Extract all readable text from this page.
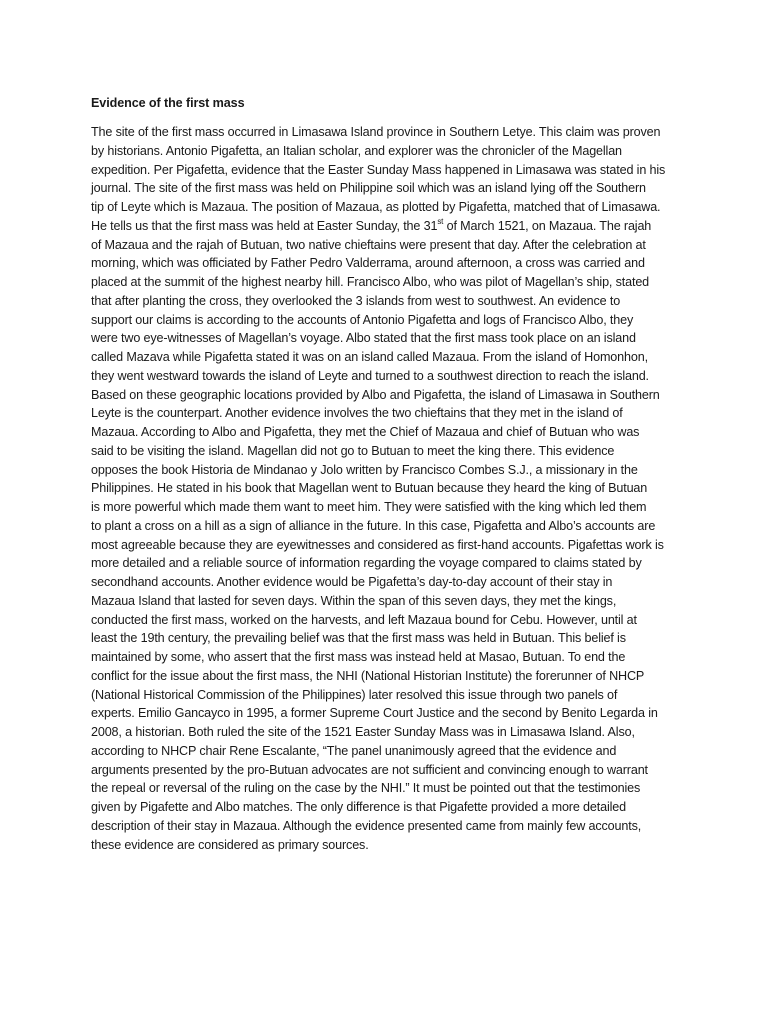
Evidence of the first mass
The site of the first mass occurred in Limasawa Island province in Southern Letye. This claim was proven
by historians. Antonio Pigafetta, an Italian scholar, and explorer was the chronicler of the Magellan
expedition. Per Pigafetta, evidence that the Easter Sunday Mass happened in Limasawa was stated in his
journal. The site of the first mass was held on Philippine soil which was an island lying off the Southern
tip of Leyte which is Mazaua. The position of Mazaua, as plotted by Pigafetta, matched that of Limasawa.
He tells us that the first mass was held at Easter Sunday, the 31st of March 1521, on Mazaua. The rajah
of Mazaua and the rajah of Butuan, two native chieftains were present that day. After the celebration at
morning, which was officiated by Father Pedro Valderrama, around afternoon, a cross was carried and
placed at the summit of the highest nearby hill. Francisco Albo, who was pilot of Magellan’s ship, stated
that after planting the cross, they overlooked the 3 islands from west to southwest. An evidence to
support our claims is according to the accounts of Antonio Pigafetta and logs of Francisco Albo, they
were two eye-witnesses of Magellan’s voyage. Albo stated that the first mass took place on an island
called Mazava while Pigafetta stated it was on an island called Mazaua. From the island of Homonhon,
they went westward towards the island of Leyte and turned to a southwest direction to reach the island.
Based on these geographic locations provided by Albo and Pigafetta, the island of Limasawa in Southern
Leyte is the counterpart. Another evidence involves the two chieftains that they met in the island of
Mazaua. According to Albo and Pigafetta, they met the Chief of Mazaua and chief of Butuan who was
said to be visiting the island. Magellan did not go to Butuan to meet the king there. This evidence
opposes the book Historia de Mindanao y Jolo written by Francisco Combes S.J., a missionary in the
Philippines. He stated in his book that Magellan went to Butuan because they heard the king of Butuan
is more powerful which made them want to meet him. They were satisfied with the king which led them
to plant a cross on a hill as a sign of alliance in the future. In this case, Pigafetta and Albo’s accounts are
most agreeable because they are eyewitnesses and considered as first-hand accounts. Pigafettas work is
more detailed and a reliable source of information regarding the voyage compared to claims stated by
secondhand accounts. Another evidence would be Pigafetta’s day-to-day account of their stay in
Mazaua Island that lasted for seven days. Within the span of this seven days, they met the kings,
conducted the first mass, worked on the harvests, and left Mazaua bound for Cebu. However, until at
least the 19th century, the prevailing belief was that the first mass was held in Butuan. This belief is
maintained by some, who assert that the first mass was instead held at Masao, Butuan. To end the
conflict for the issue about the first mass, the NHI (National Historian Institute) the forerunner of NHCP
(National Historical Commission of the Philippines) later resolved this issue through two panels of
experts. Emilio Gancayco in 1995, a former Supreme Court Justice and the second by Benito Legarda in
2008, a historian. Both ruled the site of the 1521 Easter Sunday Mass was in Limasawa Island. Also,
according to NHCP chair Rene Escalante, “The panel unanimously agreed that the evidence and
arguments presented by the pro-Butuan advocates are not sufficient and convincing enough to warrant
the repeal or reversal of the ruling on the case by the NHI.” It must be pointed out that the testimonies
given by Pigafette and Albo matches. The only difference is that Pigafette provided a more detailed
description of their stay in Mazaua. Although the evidence presented came from mainly few accounts,
these evidence are considered as primary sources.
